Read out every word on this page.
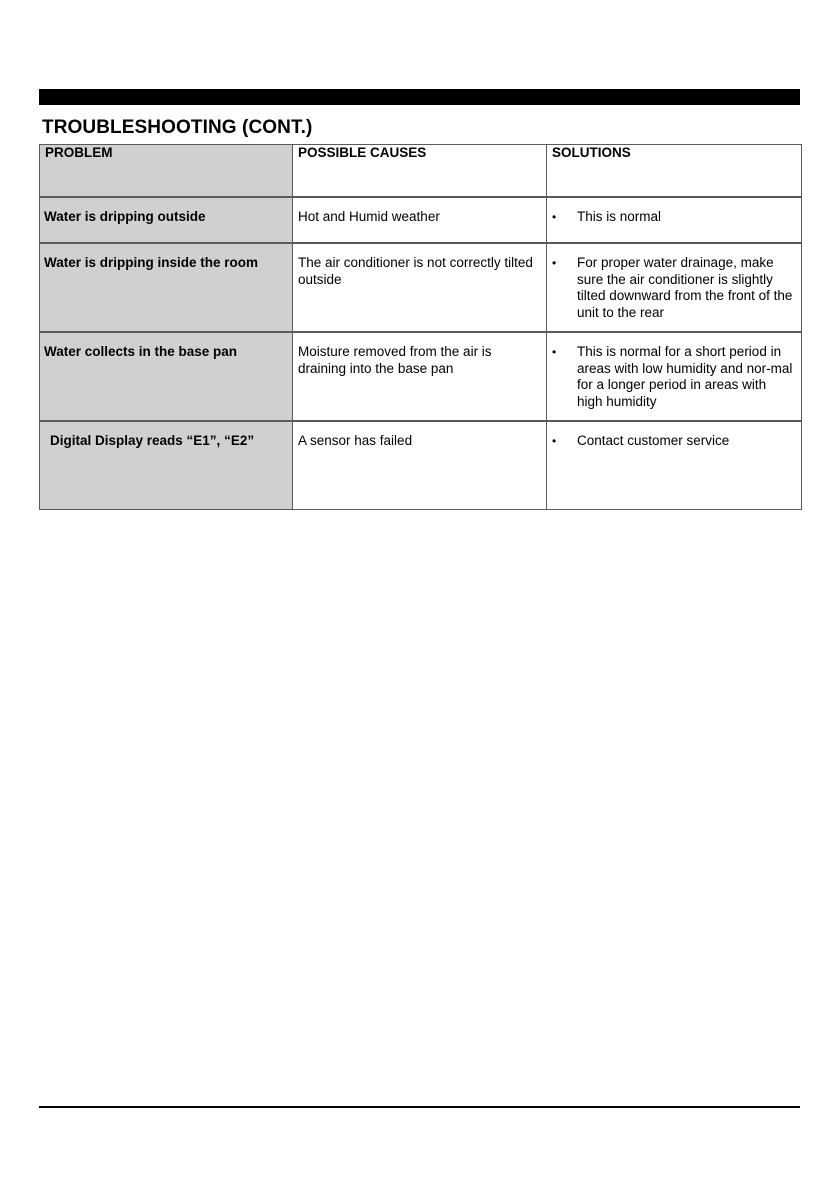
TROUBLESHOOTING (CONT.)
PROBLEM	POSSIBLE CAUSES	SOLUTIONS

Water is dripping outside	Hot and Humid weather	• This is normal

Water is dripping inside the room	The air conditioner is not correctly tilted outside	• For proper water drainage, make sure the air conditioner is slightly tilted downward from the front of the unit to the rear

Water collects in the base pan	Moisture removed from the air is draining into the base pan	• This is normal for a short period in areas with low humidity and nor-mal for a longer period in areas with high humidity

Digital Display reads “E1”, “E2”	A sensor has failed	• Contact customer service
